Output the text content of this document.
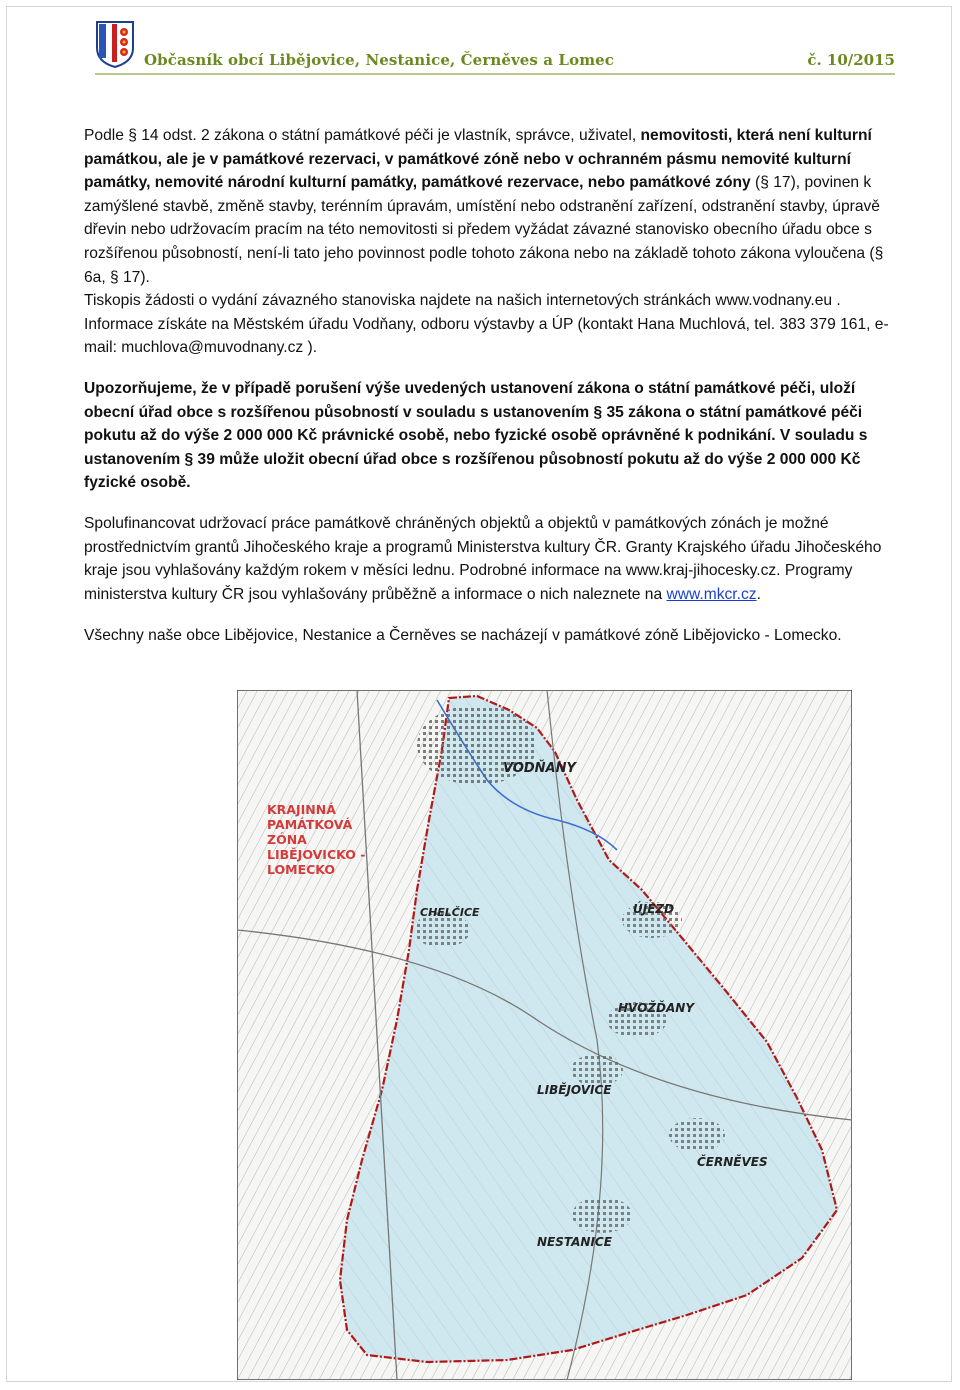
Občasník obcí Libějovice, Nestanice, Černěves a Lomec	č. 10/2015

Podle § 14 odst. 2 zákona o státní památkové péči je vlastník, správce, uživatel, nemovitosti, která není kulturní památkou, ale je v památkové rezervaci, v památkové zóně nebo v ochranném pásmu nemovité kulturní památky, nemovité národní kulturní památky, památkové rezervace, nebo památkové zóny (§ 17), povinen k zamýšlené stavbě, změně stavby, terénním úpravám, umístění nebo odstranění zařízení, odstranění stavby, úpravě dřevin nebo udržovacím pracím na této nemovitosti si předem vyžádat závazné stanovisko obecního úřadu obce s rozšířenou působností, není-li tato jeho povinnost podle tohoto zákona nebo na základě tohoto zákona vyloučena (§ 6a, § 17).

Tiskopis žádosti o vydání závazného stanoviska najdete na našich internetových stránkách www.vodnany.eu . Informace získáte na Městském úřadu Vodňany, odboru výstavby a ÚP (kontakt Hana Muchlová, tel. 383 379 161, e-mail: muchlova@muvodnany.cz ).

Upozorňujeme, že v případě porušení výše uvedených ustanovení zákona o státní památkové péči, uloží obecní úřad obce s rozšířenou působností v souladu s ustanovením § 35 zákona o státní památkové péči pokutu až do výše 2 000 000 Kč právnické osobě, nebo fyzické osobě oprávněné k podnikání. V souladu s ustanovením § 39 může uložit obecní úřad obce s rozšířenou působností pokutu až do výše 2 000 000 Kč fyzické osobě.

Spolufinancovat udržovací práce památkově chráněných objektů a objektů v památkových zónách je možné prostřednictvím grantů Jihočeského kraje a programů Ministerstva kultury ČR. Granty Krajského úřadu Jihočeského kraje jsou vyhlašovány každým rokem v měsíci lednu. Podrobné informace na www.kraj-jihocesky.cz. Programy ministerstva kultury ČR jsou vyhlašovány průběžně a informace o nich naleznete na www.mkcr.cz.

Všechny naše obce Libějovice, Nestanice a Černěves se nacházejí v památkové zóně Libějovicko - Lomecko.

VODŇANY
ÚJEZD
CHELČICE
HVOŽĎANY
LIBĚJOVICE
ČERNĚVES
NESTANICE
KRAJINNÁ
PAMÁTKOVÁ
ZÓNA
LIBĚJOVICKO -
LOMECKO
